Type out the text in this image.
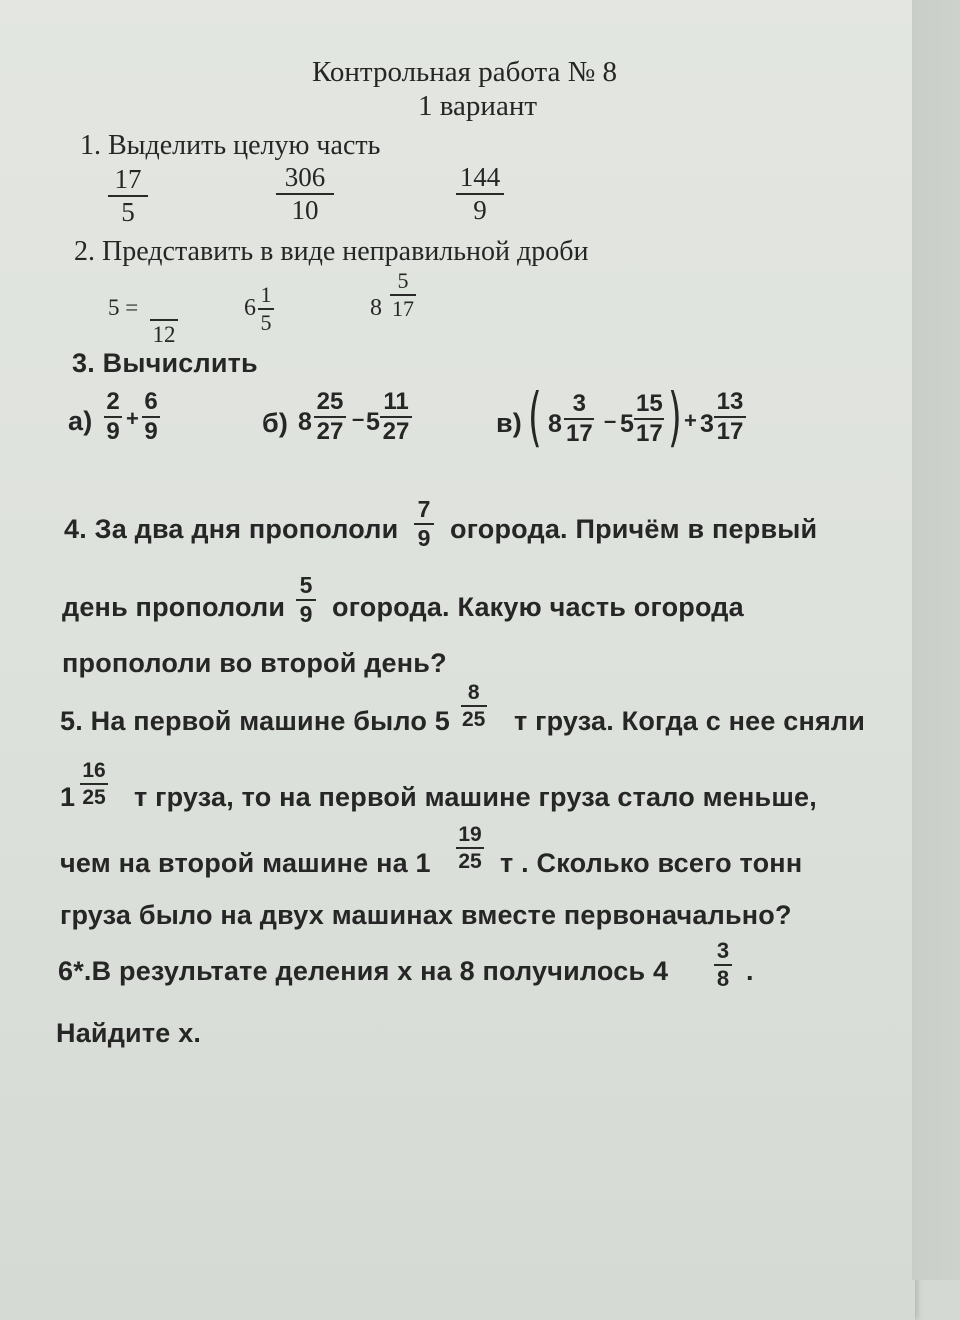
Контрольная работа № 8
1 вариант
1. Выделить целую часть
17
5
306
10
144
9
2. Представить в виде неправильной дроби
5 =
12
6
1
5
8
5
17
3. Вычислить
а)
2
9 +
6
9	б) 8
25
27 – 5
11
27	в) ( 8
3
17 – 5
15
17 ) + 3
13
17
4. За два дня пропололи
7
9 огорода. Причём в первый
день пропололи
5
9 огорода. Какую часть огорода
пропололи во второй день?
5. На первой машине было 5
8
25 т груза. Когда с нее сняли
1
16
25 т груза, то на первой машине груза стало меньше,
чем на второй машине на 1
19
25 т . Сколько всего тонн
груза было на двух машинах вместе первоначально?
6*.В результате деления x на 8 получилось 4
3
8 .
Найдите x.
